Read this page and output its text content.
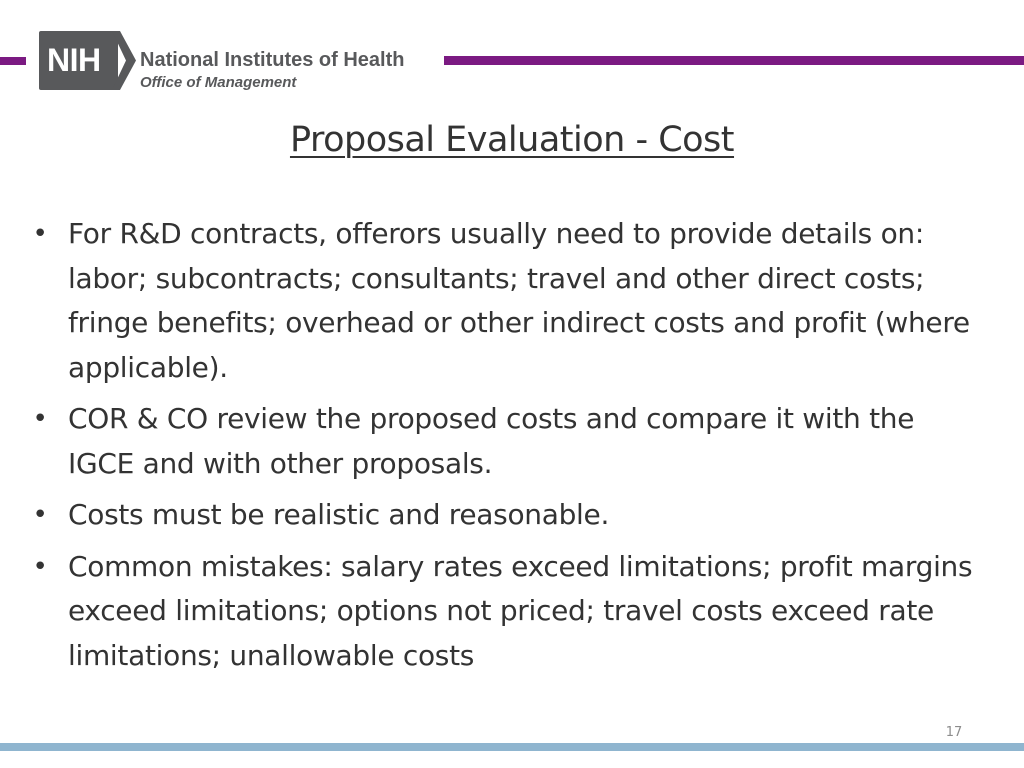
NIH National Institutes of Health
Office of Management
Proposal Evaluation - Cost
• For R&D contracts, offerors usually need to provide details on: labor; subcontracts; consultants; travel and other direct costs; fringe benefits; overhead or other indirect costs and profit (where applicable).
• COR & CO review the proposed costs and compare it with the IGCE and with other proposals.
• Costs must be realistic and reasonable.
• Common mistakes: salary rates exceed limitations; profit margins exceed limitations; options not priced; travel costs exceed rate limitations; unallowable costs
17
